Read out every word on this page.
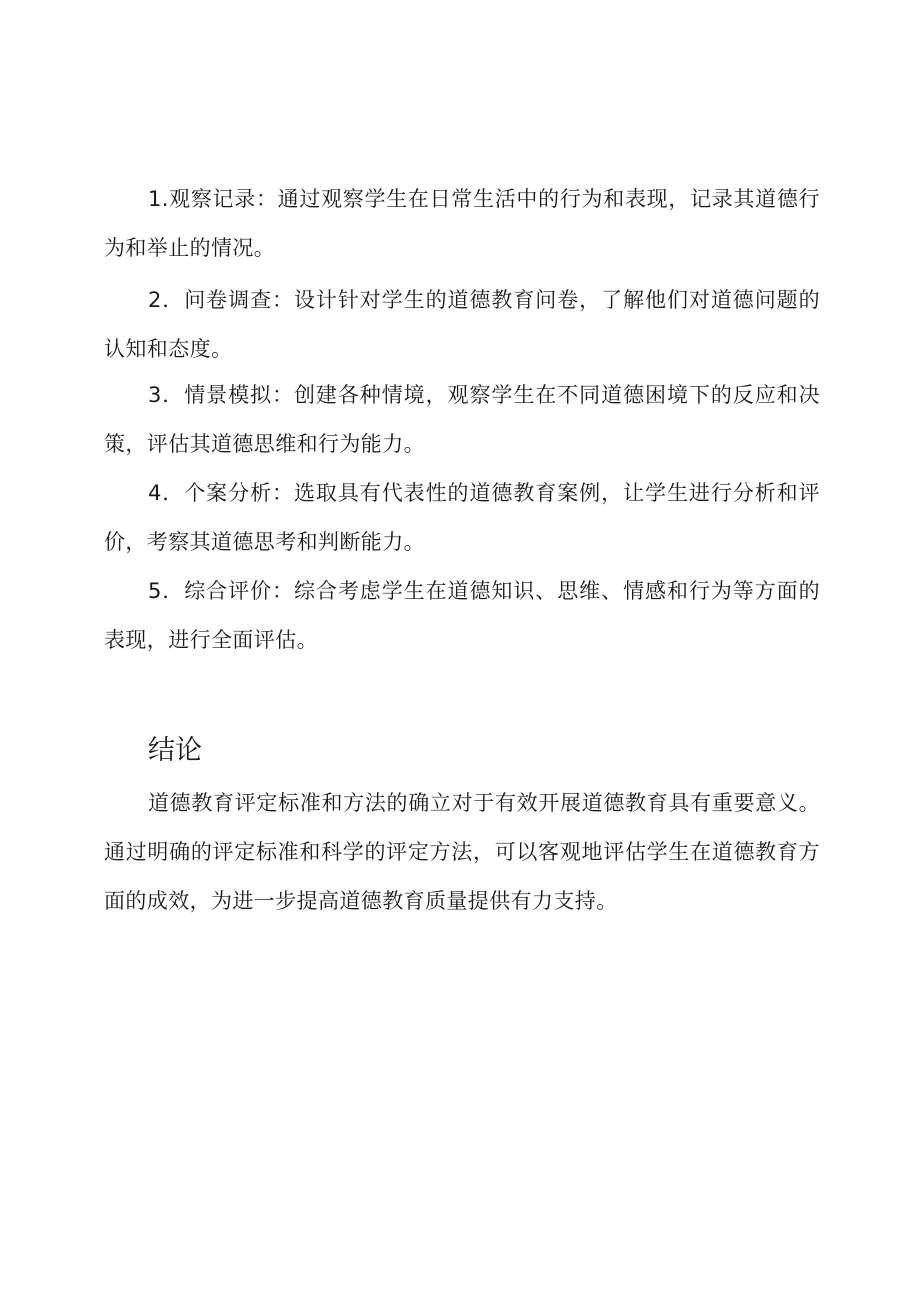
1.观察记录：通过观察学生在日常生活中的行为和表现，记录其道德行为和举止的情况。

2．问卷调查：设计针对学生的道德教育问卷，了解他们对道德问题的认知和态度。

3．情景模拟：创建各种情境，观察学生在不同道德困境下的反应和决策，评估其道德思维和行为能力。

4．个案分析：选取具有代表性的道德教育案例，让学生进行分析和评价，考察其道德思考和判断能力。

5．综合评价：综合考虑学生在道德知识、思维、情感和行为等方面的表现，进行全面评估。

结论

道德教育评定标准和方法的确立对于有效开展道德教育具有重要意义。通过明确的评定标准和科学的评定方法，可以客观地评估学生在道德教育方面的成效，为进一步提高道德教育质量提供有力支持。
